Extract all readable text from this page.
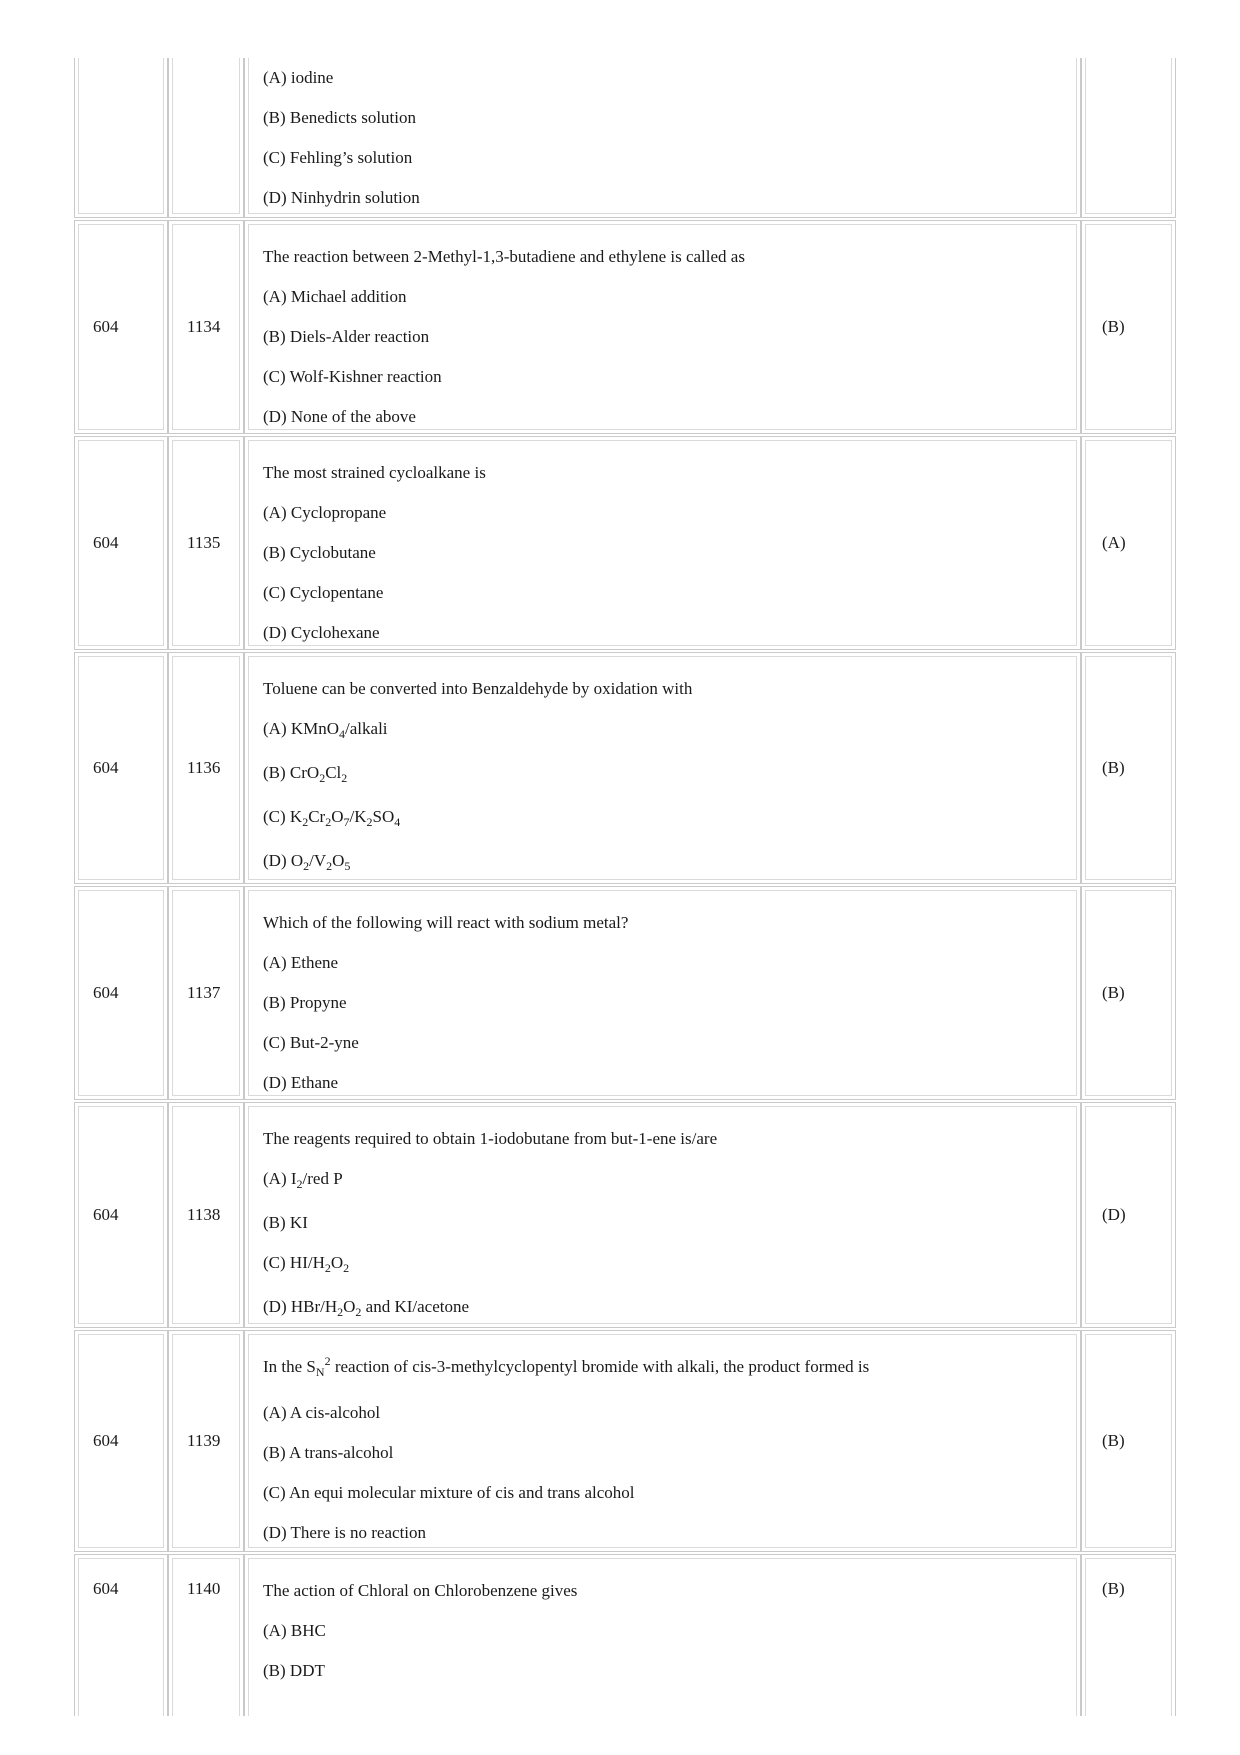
(A) iodine
(B) Benedicts solution
(C) Fehling’s solution
(D) Ninhydrin solution
604	1134
The reaction between 2-Methyl-1,3-butadiene and ethylene is called as
(A) Michael addition
(B) Diels-Alder reaction
(C) Wolf-Kishner reaction
(D) None of the above
(B)
604	1135
The most strained cycloalkane is
(A) Cyclopropane
(B) Cyclobutane
(C) Cyclopentane
(D) Cyclohexane
(A)
604	1136
Toluene can be converted into Benzaldehyde by oxidation with
(A) KMnO$_4$/alkali
(B) $CrO_2Cl_2$
(C) $K_2Cr_2O_7/K_2SO_4$
(D) $O_2/V_2O_5$
(B)
604	1137
Which of the following will react with sodium metal?
(A) Ethene
(B) Propyne
(C) But-2-yne
(D) Ethane
(B)
604	1138
The reagents required to obtain 1-iodobutane from but-1-ene is/are
(A) $I_2$/red P
(B) KI
(C) $HI/H_2O_2$
(D) HBr/$H_2O_2$ and KI/acetone
(D)
604	1139
In the $S_N^2$ reaction of cis-3-methylcyclopentyl bromide with alkali, the product formed is
(A) A cis-alcohol
(B) A trans-alcohol
(C) An equi molecular mixture of cis and trans alcohol
(D) There is no reaction
(B)
604	1140	The action of Chloral on Chlorobenzene gives
(A) BHC
(B) DDT
(B)
